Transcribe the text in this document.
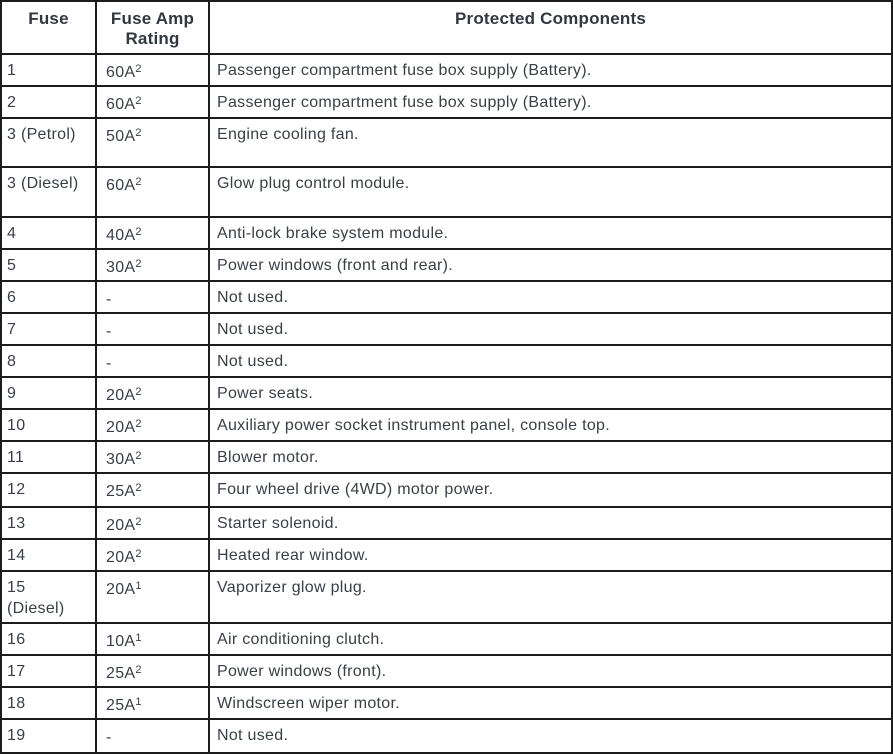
Fuse	Fuse Amp Rating	Protected Components
1	$60A^2$	Passenger compartment fuse box supply (Battery).
2	$60A^2$	Passenger compartment fuse box supply (Battery).
3 (Petrol)	$50A^2$	Engine cooling fan.
3 (Diesel)	$60A^2$	Glow plug control module.
4	$40A^2$	Anti-lock brake system module.
5	$30A^2$	Power windows (front and rear).
6	-	Not used.
7	-	Not used.
8	-	Not used.
9	$20A^2$	Power seats.
10	$20A^2$	Auxiliary power socket instrument panel, console top.
11	$30A^2$	Blower motor.
12	$25A^2$	Four wheel drive (4WD) motor power.
13	$20A^2$	Starter solenoid.
14	$20A^2$	Heated rear window.
15 (Diesel)	$20A^1$	Vaporizer glow plug.
16	$10A^1$	Air conditioning clutch.
17	$25A^2$	Power windows (front).
18	$25A^1$	Windscreen wiper motor.
19	-	Not used.
